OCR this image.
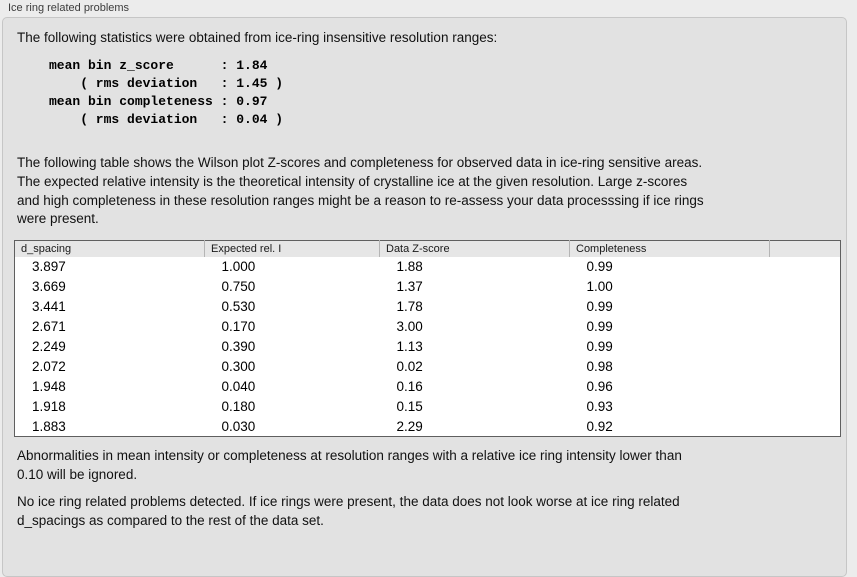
Ice ring related problems
The following statistics were obtained from ice-ring insensitive resolution ranges:
mean bin z_score      : 1.84
( rms deviation   : 1.45 )
mean bin completeness : 0.97
( rms deviation   : 0.04 )
The following table shows the Wilson plot Z-scores and completeness for observed data in ice-ring sensitive areas.
The expected relative intensity is the theoretical intensity of crystalline ice at the given resolution. Large z-scores
and high completeness in these resolution ranges might be a reason to re-assess your data processsing if ice rings
were present.
d_spacing	Expected rel. I	Data Z-score	Completeness	
3.897	1.000	1.88	0.99	
3.669	0.750	1.37	1.00	
3.441	0.530	1.78	0.99	
2.671	0.170	3.00	0.99	
2.249	0.390	1.13	0.99	
2.072	0.300	0.02	0.98	
1.948	0.040	0.16	0.96	
1.918	0.180	0.15	0.93	
1.883	0.030	2.29	0.92	
Abnormalities in mean intensity or completeness at resolution ranges with a relative ice ring intensity lower than
0.10 will be ignored.
No ice ring related problems detected. If ice rings were present, the data does not look worse at ice ring related
d_spacings as compared to the rest of the data set.
